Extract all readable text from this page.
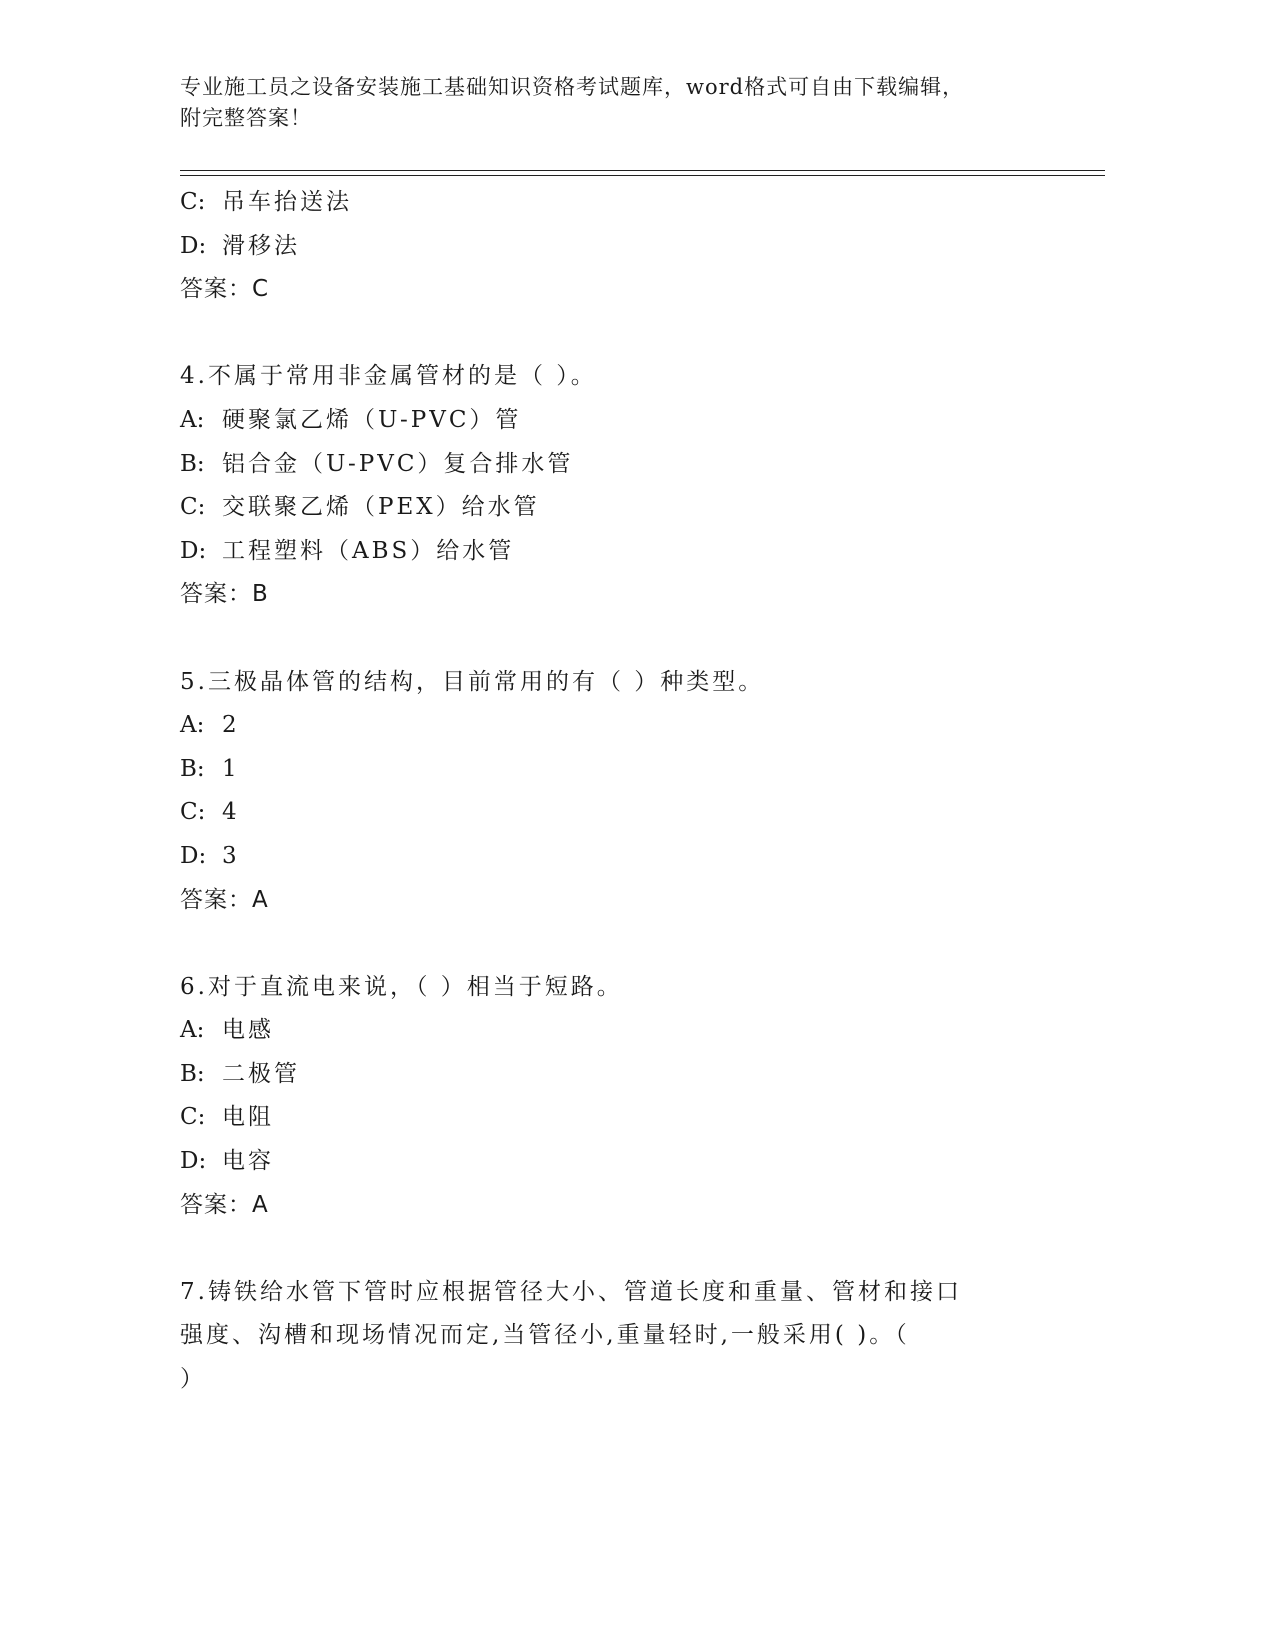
专业施工员之设备安装施工基础知识资格考试题库，word格式可自由下载编辑，
附完整答案！
C: 吊车抬送法
D: 滑移法
答案：C
4.不属于常用非金属管材的是（ ）。
A: 硬聚氯乙烯（U-PVC）管
B: 铝合金（U-PVC）复合排水管
C: 交联聚乙烯（PEX）给水管
D: 工程塑料（ABS）给水管
答案：B
5.三极晶体管的结构，目前常用的有（ ）种类型。
A: 2
B: 1
C: 4
D: 3
答案：A
6.对于直流电来说，（ ）相当于短路。
A: 电感
B: 二极管
C: 电阻
D: 电容
答案：A
7.铸铁给水管下管时应根据管径大小、管道长度和重量、管材和接口
强度、沟槽和现场情况而定,当管径小,重量轻时,一般采用( )。（
）
